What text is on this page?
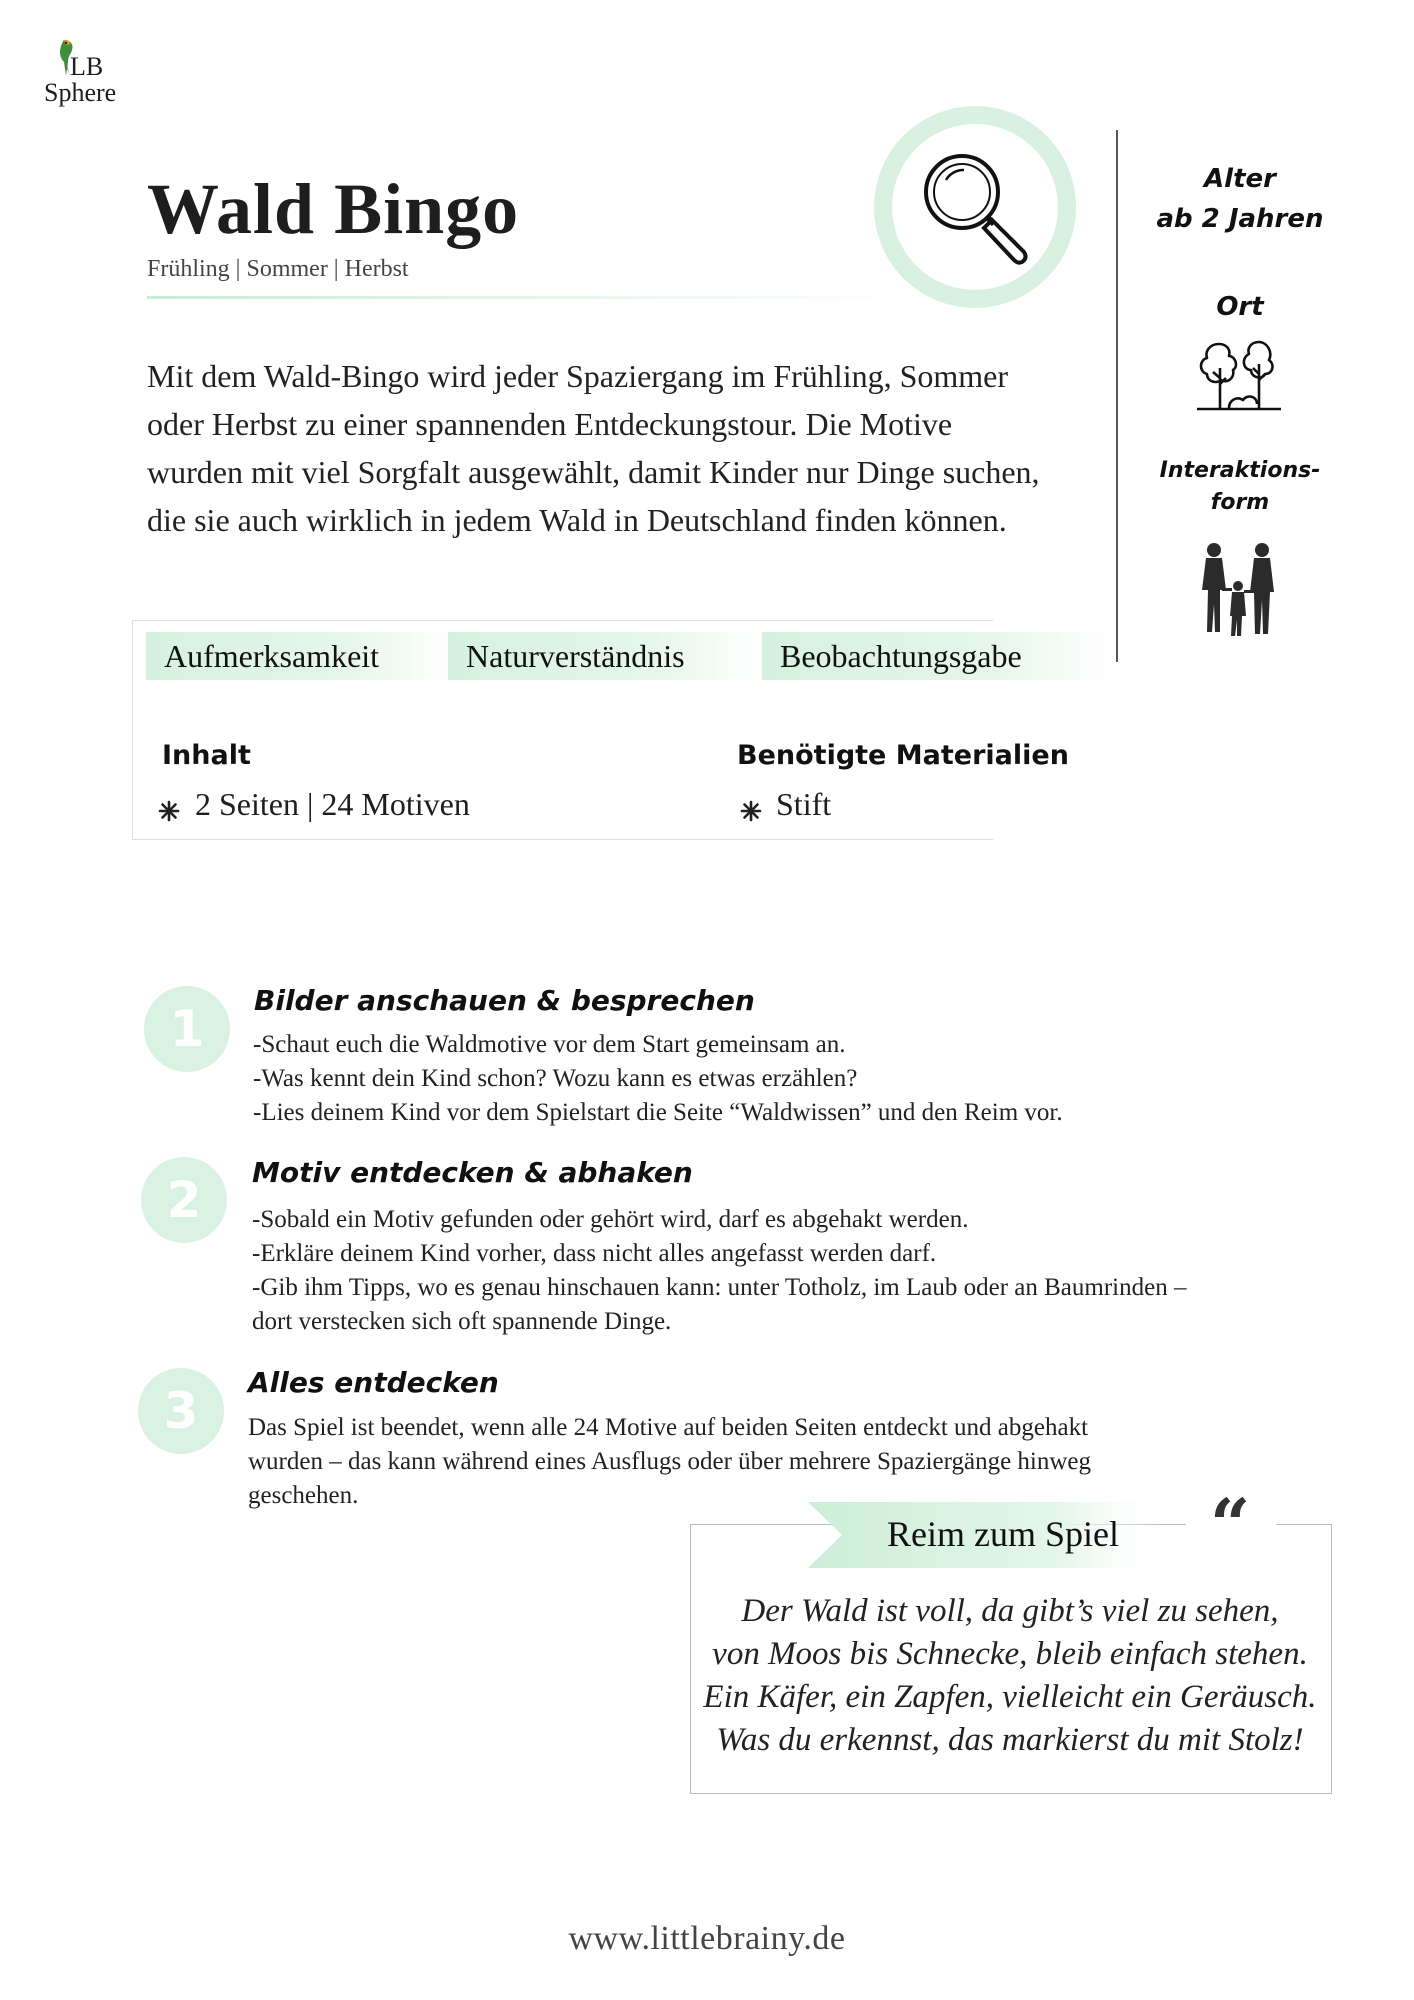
LB
Sphere
Wald Bingo
Frühling | Sommer | Herbst
Mit dem Wald-Bingo wird jeder Spaziergang im Frühling, Sommer oder Herbst zu einer spannenden Entdeckungstour. Die Motive wurden mit viel Sorgfalt ausgewählt, damit Kinder nur Dinge suchen, die sie auch wirklich in jedem Wald in Deutschland finden können.
Alter
ab 2 Jahren
Ort
Interaktions-
form
Aufmerksamkeit	Naturverständnis	Beobachtungsgabe
Inhalt	Benötigte Materialien
2 Seiten | 24 Motiven	Stift
1	Bilder anschauen & besprechen
-Schaut euch die Waldmotive vor dem Start gemeinsam an.
-Was kennt dein Kind schon? Wozu kann es etwas erzählen?
-Lies deinem Kind vor dem Spielstart die Seite “Waldwissen” und den Reim vor.
2	Motiv entdecken & abhaken
-Sobald ein Motiv gefunden oder gehört wird, darf es abgehakt werden.
-Erkläre deinem Kind vorher, dass nicht alles angefasst werden darf.
-Gib ihm Tipps, wo es genau hinschauen kann: unter Totholz, im Laub oder an Baumrinden – dort verstecken sich oft spannende Dinge.
3	Alles entdecken
Das Spiel ist beendet, wenn alle 24 Motive auf beiden Seiten entdeckt und abgehakt wurden – das kann während eines Ausflugs oder über mehrere Spaziergänge hinweg geschehen.
Reim zum Spiel	“
Der Wald ist voll, da gibt’s viel zu sehen,
von Moos bis Schnecke, bleib einfach stehen.
Ein Käfer, ein Zapfen, vielleicht ein Geräusch.
Was du erkennst, das markierst du mit Stolz!
www.littlebrainy.de
